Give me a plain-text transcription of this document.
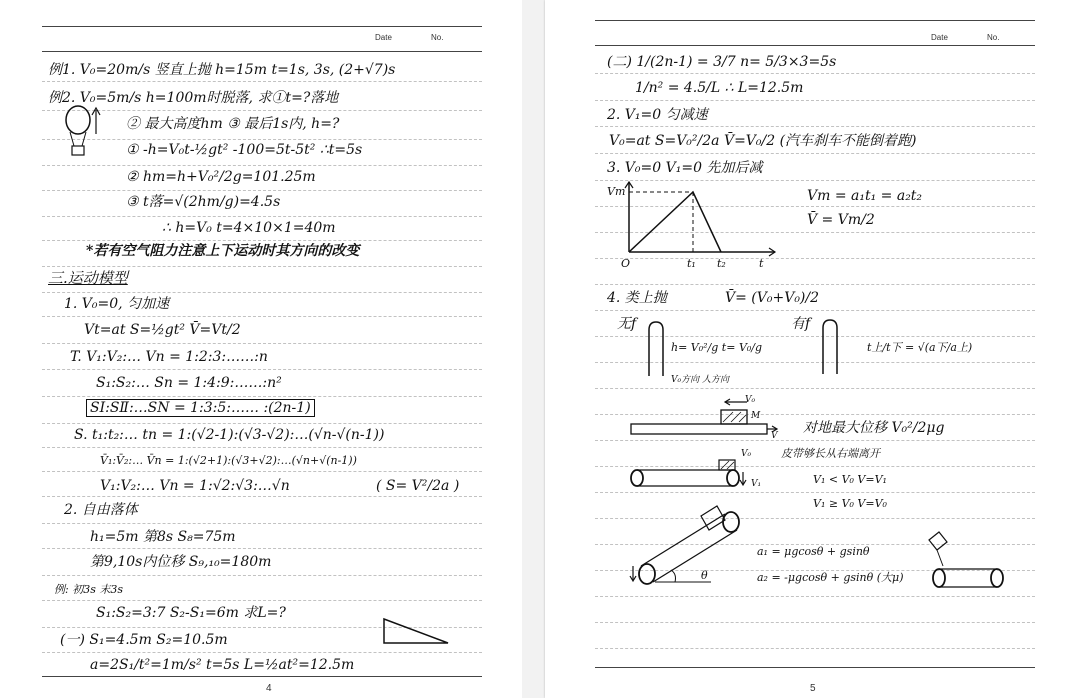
Date	No.
例1. V₀=20m/s 竖直上抛 h=15m t=1s, 3s, (2+√7)s
例2. V₀=5m/s h=100m时脱落, 求①t=?落地
② 最大高度hm ③ 最后1s内, h=?
① -h=V₀t-½gt² -100=5t-5t² ∴t=5s
② hm=h+V₀²/2g=101.25m
③ t落=√(2hm/g)=4.5s
∴ h=V₀ t=4×10×1=40m
*若有空气阻力注意上下运动时其方向的改变
三.运动模型
1. V₀=0, 匀加速
Vt=at S=½gt² V̄=Vt/2
T. V₁:V₂:… Vn = 1:2:3:……:n
S₁:S₂:… Sn = 1:4:9:……:n²
SⅠ:SⅡ:…SN = 1:3:5:…… :(2n-1)
S. t₁:t₂:… tn = 1:(√2-1):(√3-√2):…(√n-√(n-1))
V̄₁:V̄₂:… V̄n = 1:(√2+1):(√3+√2):…(√n+√(n-1))
V₁:V₂:… Vn = 1:√2:√3:…√n	( S= V²/2a )
2. 自由落体
h₁=5m 第8s S₈=75m
第9,10s内位移 S₉,₁₀=180m
例: 初3s 末3s
S₁:S₂=3:7 S₂-S₁=6m 求L=?
(一) S₁=4.5m S₂=10.5m
a=2S₁/t²=1m/s² t=5s L=½at²=12.5m
4
Date	No.
(二) 1/(2n-1) = 3/7 n= 5/3×3=5s
1/n² = 4.5/L ∴ L=12.5m
2. V₁=0 匀减速
V₀=at S=V₀²/2a V̄=V₀/2 (汽车刹车不能倒着跑)
3. V₀=0 V₁=0 先加后减
Vm
O	t₁ t₂	t
Vm = a₁t₁ = a₂t₂
V̄ = Vm/2
4. 类上抛	V̄= (V₀+V₀)/2
无f
h= V₀²/g t= V₀/g
V₀方向 人方向
有f
t上/t下 = √(a下/a上)
V₀
M
V 对地最大位移 V₀²/2μg
皮带够长从右端离开
V₀
V₁	V₁ < V₀ V=V₁
V₁ ≥ V₀ V=V₀
θ
a₁ = μgcosθ + gsinθ
a₂ = -μgcosθ + gsinθ (大μ)
5
